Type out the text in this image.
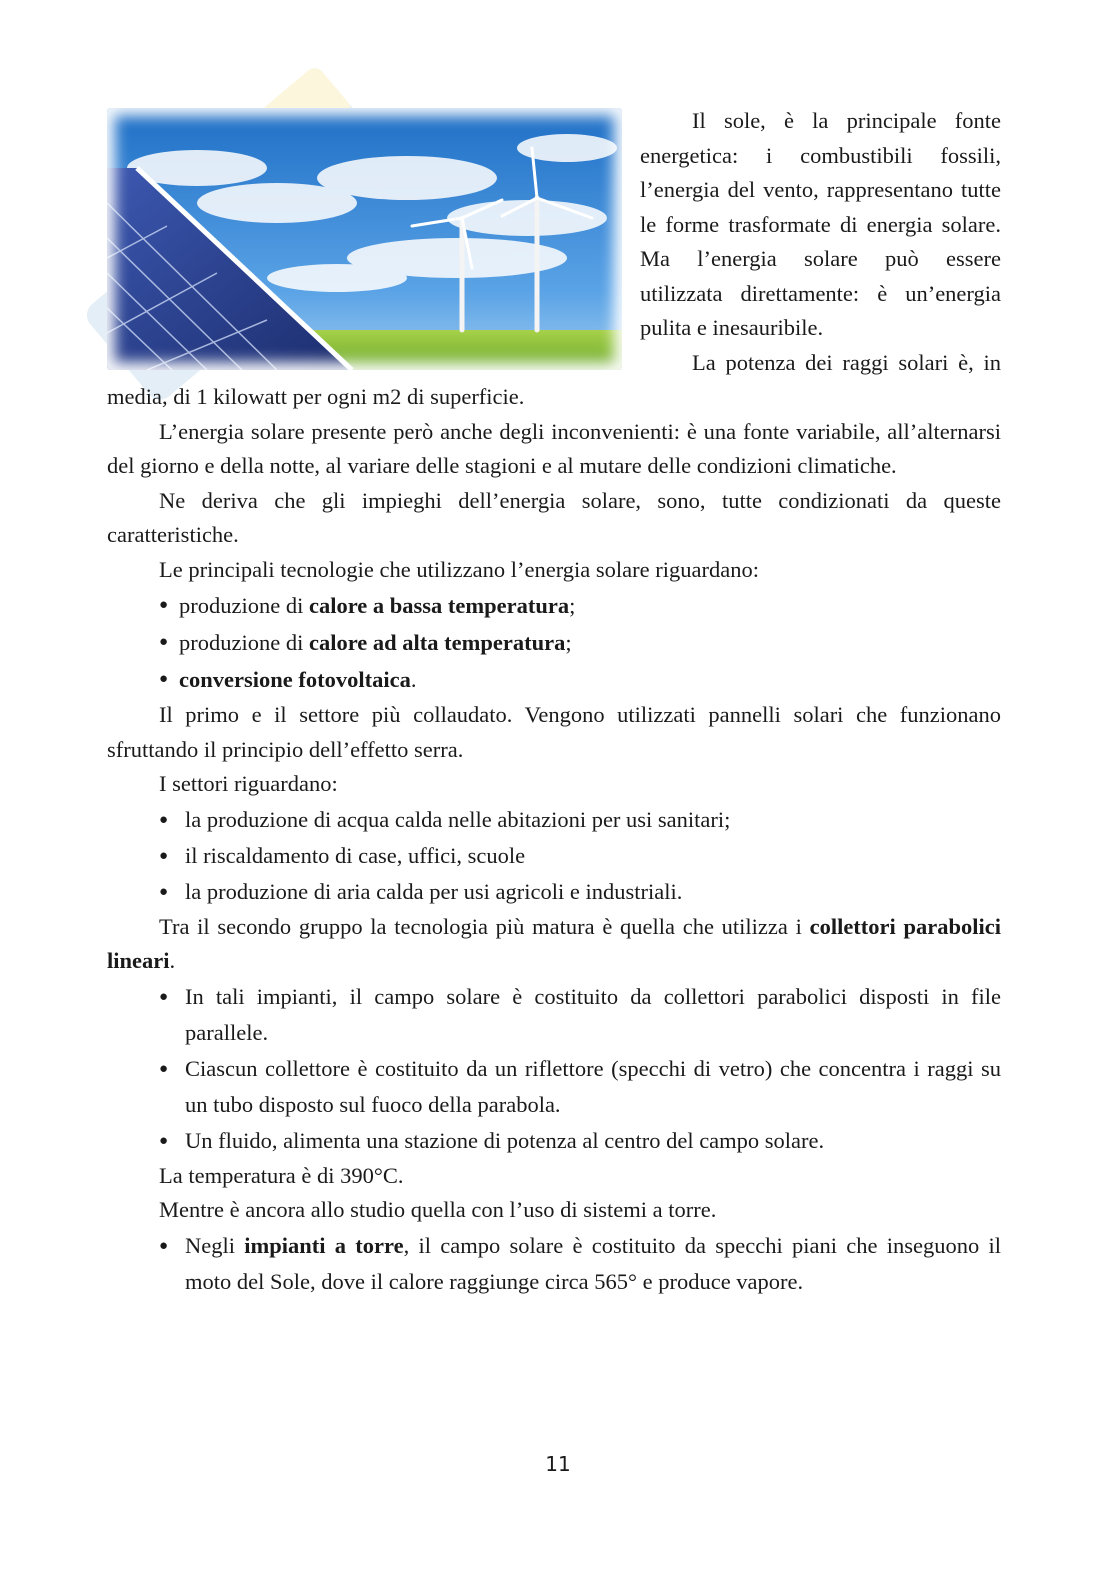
Il sole, è la principale fonte energetica: i combustibili fossili, l’energia del vento, rappresentano tutte le forme trasformate di energia solare. Ma l’energia solare può essere utilizzata direttamente: è un’energia pulita e inesauribile.

La potenza dei raggi solari è, in media, di 1 kilowatt per ogni m2 di superficie.

L’energia solare presente però anche degli inconvenienti: è una fonte variabile, all’alternarsi del giorno e della notte, al variare delle stagioni e al mutare delle condizioni climatiche.

Ne deriva che gli impieghi dell’energia solare, sono, tutte condizionati da queste caratteristiche.

Le principali tecnologie che utilizzano l’energia solare riguardano:

● produzione di calore a bassa temperatura;
● produzione di calore ad alta temperatura;
● conversione fotovoltaica.

Il primo e il settore più collaudato. Vengono utilizzati pannelli solari che funzionano sfruttando il principio dell’effetto serra.

I settori riguardano:

● la produzione di acqua calda nelle abitazioni per usi sanitari;
● il riscaldamento di case, uffici, scuole
● la produzione di aria calda per usi agricoli e industriali.

Tra il secondo gruppo la tecnologia più matura è quella che utilizza i collettori parabolici lineari.

● In tali impianti, il campo solare è costituito da collettori parabolici disposti in file parallele.
● Ciascun collettore è costituito da un riflettore (specchi di vetro) che concentra i raggi su un tubo disposto sul fuoco della parabola.
● Un fluido, alimenta una stazione di potenza al centro del campo solare.

La temperatura è di 390°C.

Mentre è ancora allo studio quella con l’uso di sistemi a torre.

● Negli impianti a torre, il campo solare è costituito da specchi piani che inseguono il moto del Sole, dove il calore raggiunge circa 565° e produce vapore.
11
